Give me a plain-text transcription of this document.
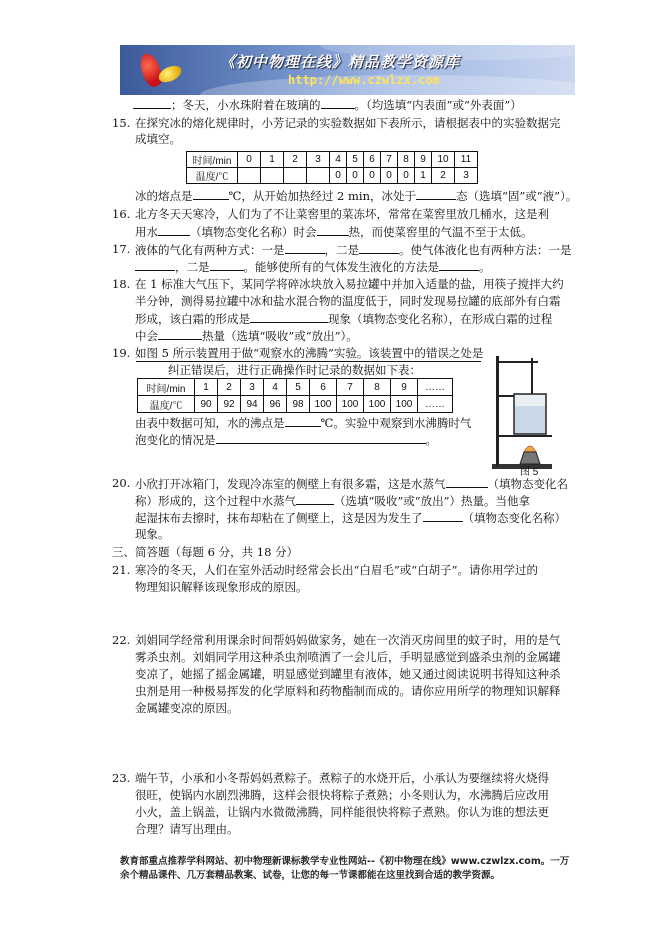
《初中物理在线》精品教学资源库
http://www.czwlzx.com
；冬天，小水珠附着在玻璃的	。（均选填“内表面”或“外表面”）
15. 在探究冰的熔化规律时，小芳记录的实验数据如下表所示，请根据表中的实验数据完
成填空。
时间/min	0	1	2	3	4	5	6	7	8	9	10	11
温度/℃					0	0	0	0	0	1	2	3
冰的熔点是	℃，从开始加热经过 2 min，冰处于	态（选填“固”或“液”）。
16. 北方冬天天寒冷，人们为了不让菜窖里的菜冻坏，常常在菜窖里放几桶水，这是利
用水	（填物态变化名称）时会	热，而使菜窖里的气温不至于太低。
17. 液体的气化有两种方式：一是	，二是	。使气体液化也有两种方法：一是
，二是	。能够使所有的气体发生液化的方法是	。
18. 在 1 标准大气压下，某同学将碎冰块放入易拉罐中并加入适量的盐，用筷子搅拌大约
半分钟，测得易拉罐中冰和盐水混合物的温度低于，同时发现易拉罐的底部外有白霜
形成，该白霜的形成是	现象（填物态变化名称），在形成白霜的过程
中会	热量（选填“吸收”或“放出”）。
19. 如图 5 所示装置用于做“观察水的沸腾”实验。该装置中的错误之处是
纠正错误后，进行正确操作时记录的数据如下表：
时间/min	1	2	3	4	5	6	7	8	9	……
温度/℃	90	92	94	96	98	100	100	100	100	……
由表中数据可知，水的沸点是	℃。实验中观察到水沸腾时气
泡变化的情况是	。
图 5
20. 小欣打开冰箱门，发现冷冻室的侧壁上有很多霜，这是水蒸气	（填物态变化名
称）形成的，这个过程中水蒸气	（选填“吸收”或“放出”）热量。当他拿
起湿抹布去擦时，抹布却粘在了侧壁上，这是因为发生了	（填物态变化名称）
现象。
三、简答题（每题 6 分，共 18 分）
21. 寒冷的冬天，人们在室外活动时经常会长出“白眉毛”或“白胡子”。请你用学过的
物理知识解释该现象形成的原因。
22. 刘娟同学经常利用课余时间帮妈妈做家务，她在一次消灭房间里的蚊子时，用的是气
雾杀虫剂。刘娟同学用这种杀虫剂喷洒了一会儿后，手明显感觉到盛杀虫剂的金属罐
变凉了，她摇了摇金属罐，明显感觉到罐里有液体，她又通过阅读说明书得知这种杀
虫剂是用一种极易挥发的化学原料和药物酯制而成的。请你应用所学的物理知识解释
金属罐变凉的原因。
23. 端午节，小承和小冬帮妈妈煮粽子。煮粽子的水烧开后，小承认为要继续将火烧得
很旺，使锅内水剧烈沸腾，这样会很快将粽子煮熟；小冬则认为，水沸腾后应改用
小火，盖上锅盖，让锅内水微微沸腾，同样能很快将粽子煮熟。你认为谁的想法更
合理？请写出理由。
教育部重点推荐学科网站、初中物理新课标教学专业性网站--《初中物理在线》www.czwlzx.com。一万
余个精品课件、几万套精品教案、试卷，让您的每一节课都能在这里找到合适的教学资源。
